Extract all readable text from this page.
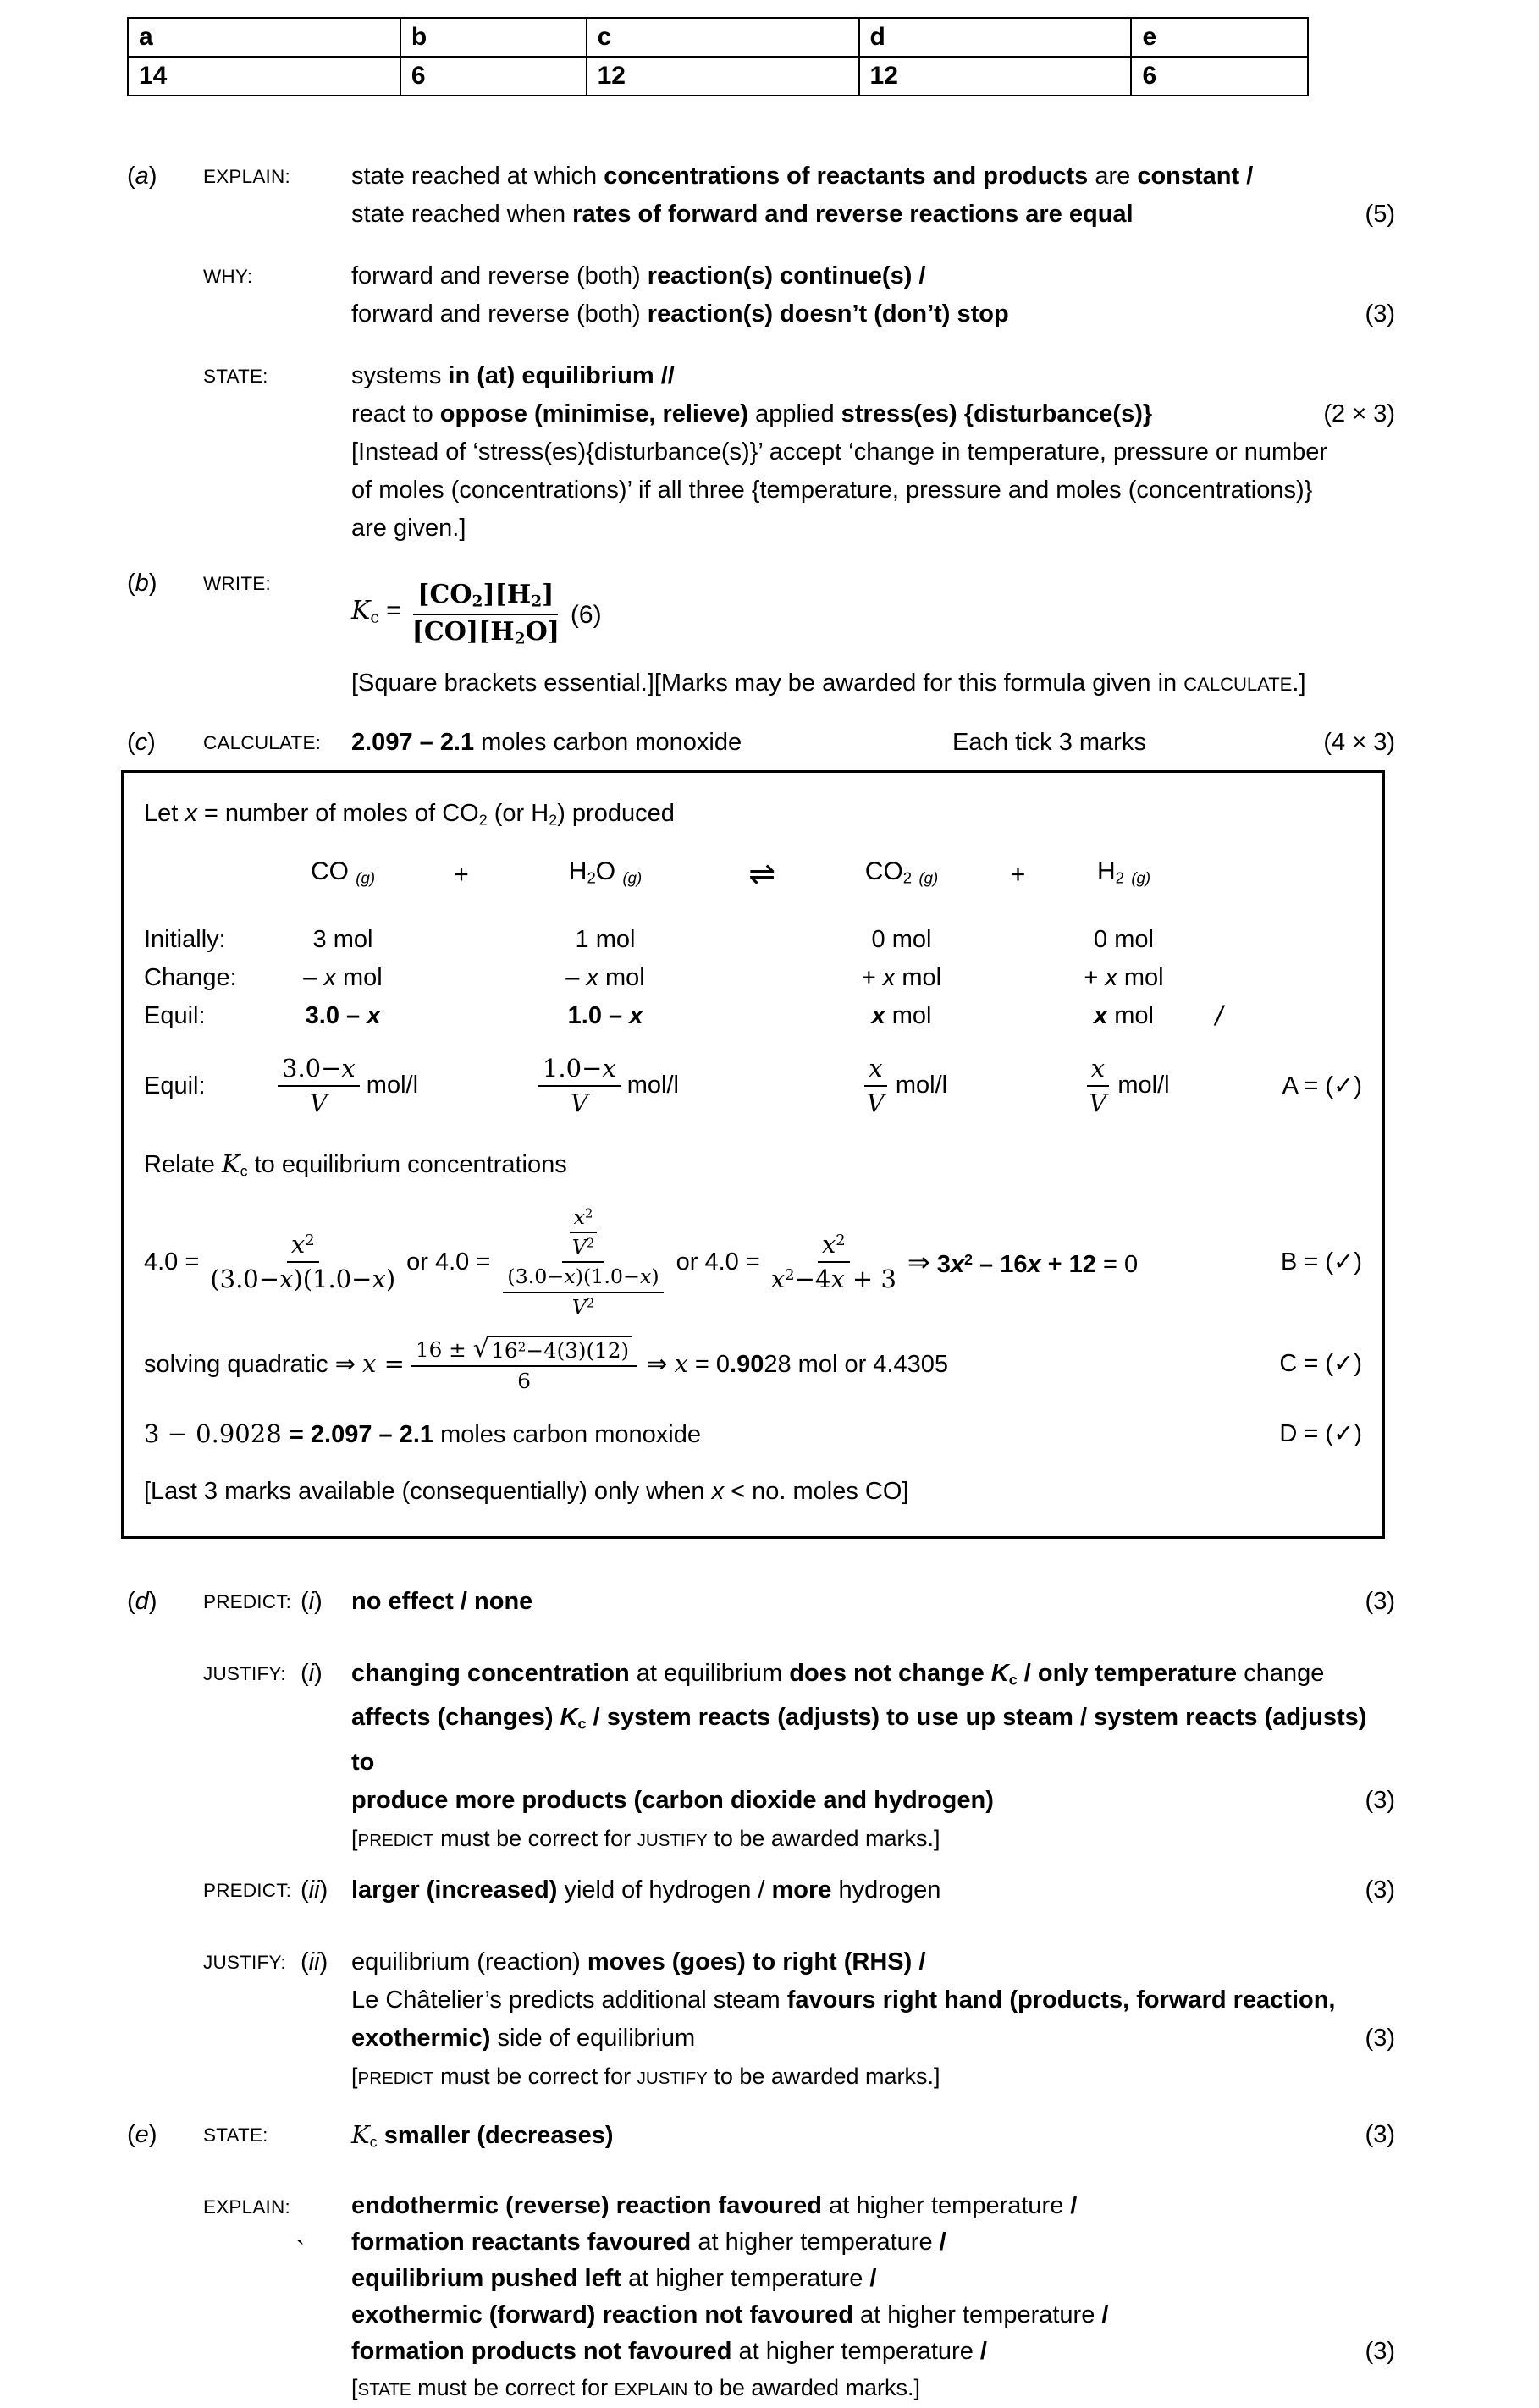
a	b	c	d	e
14	6	12	12	6
(a)	EXPLAIN:	state reached at which concentrations of reactants and products are constant /
state reached when rates of forward and reverse reactions are equal	(5)
WHY:	forward and reverse (both) reaction(s) continue(s) /
forward and reverse (both) reaction(s) doesn’t (don’t) stop	(3)
STATE:	systems in (at) equilibrium //
react to oppose (minimise, relieve) applied stress(es) {disturbance(s)}	(2 × 3)
[Instead of ‘stress(es){disturbance(s)}’ accept ‘change in temperature, pressure or number
of moles (concentrations)’ if all three {temperature, pressure and moles (concentrations)}
are given.]
(b)	WRITE:
$K_c = \frac{[CO_2][H_2]}{[CO][H_2O]} (6)$
[Square brackets essential.][Marks may be awarded for this formula given in CALCULATE.]
(c)	CALCULATE:	2.097 – 2.1 moles carbon monoxide	Each tick 3 marks	(4 × 3)
Let x = number of moles of $CO_2$ (or $H_2$) produced
CO $_{(g)}$	+	$H_2O$ $_{(g)}$	⇌	$CO_2$ $_{(g)}$	+	$H_2$ $_{(g)}$
Initially:	3 mol	1 mol	0 mol	0 mol
Change:	– x mol	– x mol	+ x mol	+ x mol
Equil:	3.0 – x	1.0 – x	x mol	x mol	/
Equil:	$\frac{3.0-x}{V} mol/l$	$\frac{1.0-x}{V} mol/l$	$\frac{x}{V} mol/l$	$\frac{x}{V} mol/l$	A = (✓)
Relate $K_c$ to equilibrium concentrations
$4.0 = \frac{x^2}{(3.0-x)(1.0-x)}$ or $4.0 = \frac{\frac{x^2}{V^2}}{\frac{(3.0-x)(1.0-x)}{V^2}}$ or $4.0 = \frac{x^2}{x^2-4x + 3}$ ⇒ $3x^2 - 16x + 12 = 0$	B = (✓)
solving quadratic ⇒ $x = \frac{16 \pm √ 16^2-4(3)(12)}{6}$ ⇒ x = 0.9028 mol or 4.4305	C = (✓)
3 − 0.9028 = 2.097 – 2.1 moles carbon monoxide	D = (✓)
[Last 3 marks available (consequentially) only when x < no. moles CO]
(d)	PREDICT: (i)	no effect / none	(3)
JUSTIFY: (i)	changing concentration at equilibrium does not change $K_c$ / only temperature change
affects (changes) $K_c$ / system reacts (adjusts) to use up steam / system reacts (adjusts) to
produce more products (carbon dioxide and hydrogen)	(3)
[PREDICT must be correct for JUSTIFY to be awarded marks.]
PREDICT: (ii) larger (increased) yield of hydrogen / more hydrogen	(3)
JUSTIFY: (ii) equilibrium (reaction) moves (goes) to right (RHS) /
Le Châtelier’s predicts additional steam favours right hand (products, forward reaction,
exothermic) side of equilibrium	(3)
[PREDICT must be correct for JUSTIFY to be awarded marks.]
(e)	STATE:	$K_c$ smaller (decreases)	(3)
EXPLAIN:
`
endothermic (reverse) reaction favoured at higher temperature /
formation reactants favoured at higher temperature /
equilibrium pushed left at higher temperature /
exothermic (forward) reaction not favoured at higher temperature /
formation products not favoured at higher temperature /	(3)
[STATE must be correct for EXPLAIN to be awarded marks.]
